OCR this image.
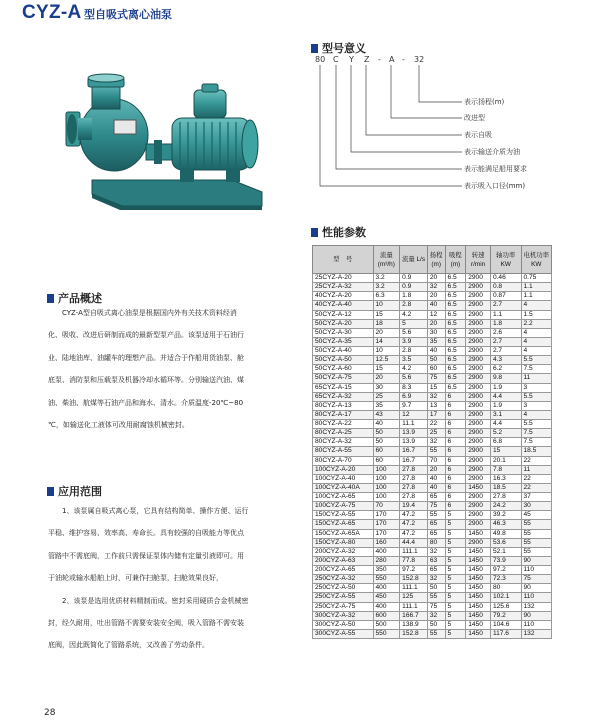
CYZ-A 型自吸式离心油泵
型号意义
80 C Y Z - A - 32
表示扬程(m)
改进型
表示自吸
表示输送介质为油
表示能满足船用要求
表示吸入口径(mm)
性能参数
型　号	流量 (m³/h)	流量 L/s	扬程 (m)	吸程 (m)	转速 r/min	轴功率 KW	电机功率 KW
25CYZ-A-20	3.2	0.9	20	6.5	2900	0.46	0.75
25CYZ-A-32	3.2	0.9	32	6.5	2900	0.8	1.1
40CYZ-A-20	6.3	1.8	20	6.5	2900	0.87	1.1
40CYZ-A-40	10	2.8	40	6.5	2900	2.7	4
50CYZ-A-12	15	4.2	12	6.5	2900	1.1	1.5
50CYZ-A-20	18	5	20	6.5	2900	1.8	2.2
50CYZ-A-30	20	5.6	30	6.5	2900	2.6	4
50CYZ-A-35	14	3.9	35	6.5	2900	2.7	4
50CYZ-A-40	10	2.8	40	6.5	2900	2.7	4
50CYZ-A-50	12.5	3.5	50	6.5	2900	4.3	5.5
50CYZ-A-60	15	4.2	60	6.5	2900	6.2	7.5
50CYZ-A-75	20	5.6	75	6.5	2900	9.8	11
65CYZ-A-15	30	8.3	15	6.5	2900	1.9	3
65CYZ-A-32	25	6.9	32	6	2900	4.4	5.5
80CYZ-A-13	35	9.7	13	6	2900	1.9	3
80CYZ-A-17	43	12	17	6	2900	3.1	4
80CYZ-A-22	40	11.1	22	6	2900	4.4	5.5
80CYZ-A-25	50	13.9	25	6	2900	5.2	7.5
80CYZ-A-32	50	13.9	32	6	2900	6.8	7.5
80CYZ-A-55	60	16.7	55	6	2900	15	18.5
80CYZ-A-70	60	16.7	70	6	2900	20.1	22
100CYZ-A-20	100	27.8	20	6	2900	7.8	11
100CYZ-A-40	100	27.8	40	6	2900	16.3	22
100CYZ-A-40A	100	27.8	40	6	1450	18.5	22
100CYZ-A-65	100	27.8	65	6	2900	27.8	37
100CYZ-A-75	70	19.4	75	6	2900	24.2	30
150CYZ-A-55	170	47.2	55	5	2900	39.2	45
150CYZ-A-65	170	47.2	65	5	2900	46.3	55
150CYZ-A-65A	170	47.2	65	5	1450	49.8	55
150CYZ-A-80	160	44.4	80	5	2900	53.6	55
200CYZ-A-32	400	111.1	32	5	1450	52.1	55
200CYZ-A-63	280	77.8	63	5	1450	73.9	90
200CYZ-A-65	350	97.2	65	5	1450	97.2	110
250CYZ-A-32	550	152.8	32	5	1450	72.3	75
250CYZ-A-50	400	111.1	50	5	1450	80	90
250CYZ-A-55	450	125	55	5	1450	102.1	110
250CYZ-A-75	400	111.1	75	5	1450	125.6	132
300CYZ-A-32	600	166.7	32	5	1450	79.2	90
300CYZ-A-50	500	138.9	50	5	1450	104.6	110
300CYZ-A-55	550	152.8	55	5	1450	117.6	132
产品概述
CYZ-A型自吸式离心油泵是根据国内外有关技术资料经消
化、吸收、改进后研制而成的最新型泵产品。该泵适用于石油行
业、陆地油库、油罐车的理想产品。并适合于作船用货油泵、舱
底泵、消防泵和压载泵及机器冷却水循环等。分别输送汽油、煤
油、柴油、航煤等石油产品和海水、清水。介质温度-20℃~80
℃，如输送化工液体可改用耐腐蚀机械密封。
应用范围
1、该泵属自吸式离心泵，它具有结构简单、操作方便、运行
平稳、维护容易、效率高、寿命长。具有较强的自吸能力等优点
管路中不需底阀，工作前只需保证泵体内储有定量引液即可。用
于油轮或输水船舶上时，可兼作扫舱泵，扫舱效果良好，
2、该泵是选用优质材料精制而成。密封采用硬质合金机械密
封，经久耐用，吐出管路不需要安装安全阀，吸入管路不需安装
底阀，因此既简化了管路系统，又改善了劳动条件。
28
